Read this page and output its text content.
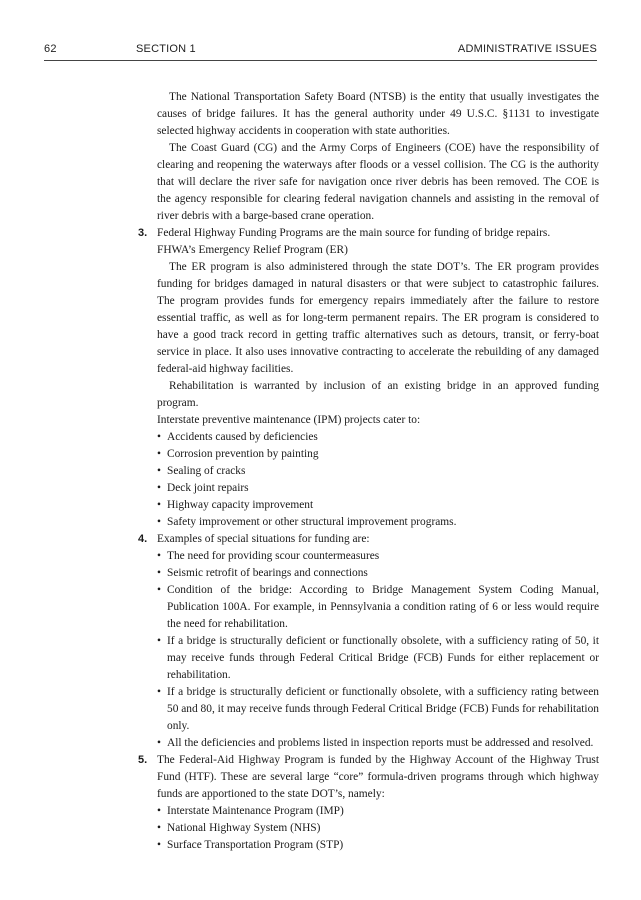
62	SECTION 1	ADMINISTRATIVE ISSUES

The National Transportation Safety Board (NTSB) is the entity that usually investigates the causes of bridge failures. It has the general authority under 49 U.S.C. §1131 to investigate selected highway accidents in cooperation with state authorities.

The Coast Guard (CG) and the Army Corps of Engineers (COE) have the responsibility of clearing and reopening the waterways after floods or a vessel collision. The CG is the authority that will declare the river safe for navigation once river debris has been removed. The COE is the agency responsible for clearing federal navigation channels and assisting in the removal of river debris with a barge-based crane operation.

3. Federal Highway Funding Programs are the main source for funding of bridge repairs.

FHWA’s Emergency Relief Program (ER)

The ER program is also administered through the state DOT’s. The ER program provides funding for bridges damaged in natural disasters or that were subject to catastrophic failures. The program provides funds for emergency repairs immediately after the failure to restore essential traffic, as well as for long-term permanent repairs. The ER program is considered to have a good track record in getting traffic alternatives such as detours, transit, or ferry-boat service in place. It also uses innovative contracting to accelerate the rebuilding of any damaged federal-aid highway facilities.

Rehabilitation is warranted by inclusion of an existing bridge in an approved funding program.

Interstate preventive maintenance (IPM) projects cater to:

• Accidents caused by deficiencies
• Corrosion prevention by painting
• Sealing of cracks
• Deck joint repairs
• Highway capacity improvement
• Safety improvement or other structural improvement programs.
4. Examples of special situations for funding are:

• The need for providing scour countermeasures
• Seismic retrofit of bearings and connections
• Condition of the bridge: According to Bridge Management System Coding Manual, Publication 100A. For example, in Pennsylvania a condition rating of 6 or less would require the need for rehabilitation.
• If a bridge is structurally deficient or functionally obsolete, with a sufficiency rating of 50, it may receive funds through Federal Critical Bridge (FCB) Funds for either replacement or rehabilitation.
• If a bridge is structurally deficient or functionally obsolete, with a sufficiency rating between 50 and 80, it may receive funds through Federal Critical Bridge (FCB) Funds for rehabilitation only.
• All the deficiencies and problems listed in inspection reports must be addressed and resolved.
5. The Federal-Aid Highway Program is funded by the Highway Account of the Highway Trust Fund (HTF). These are several large “core” formula-driven programs through which highway funds are apportioned to the state DOT’s, namely:

• Interstate Maintenance Program (IMP)
• National Highway System (NHS)
• Surface Transportation Program (STP)
